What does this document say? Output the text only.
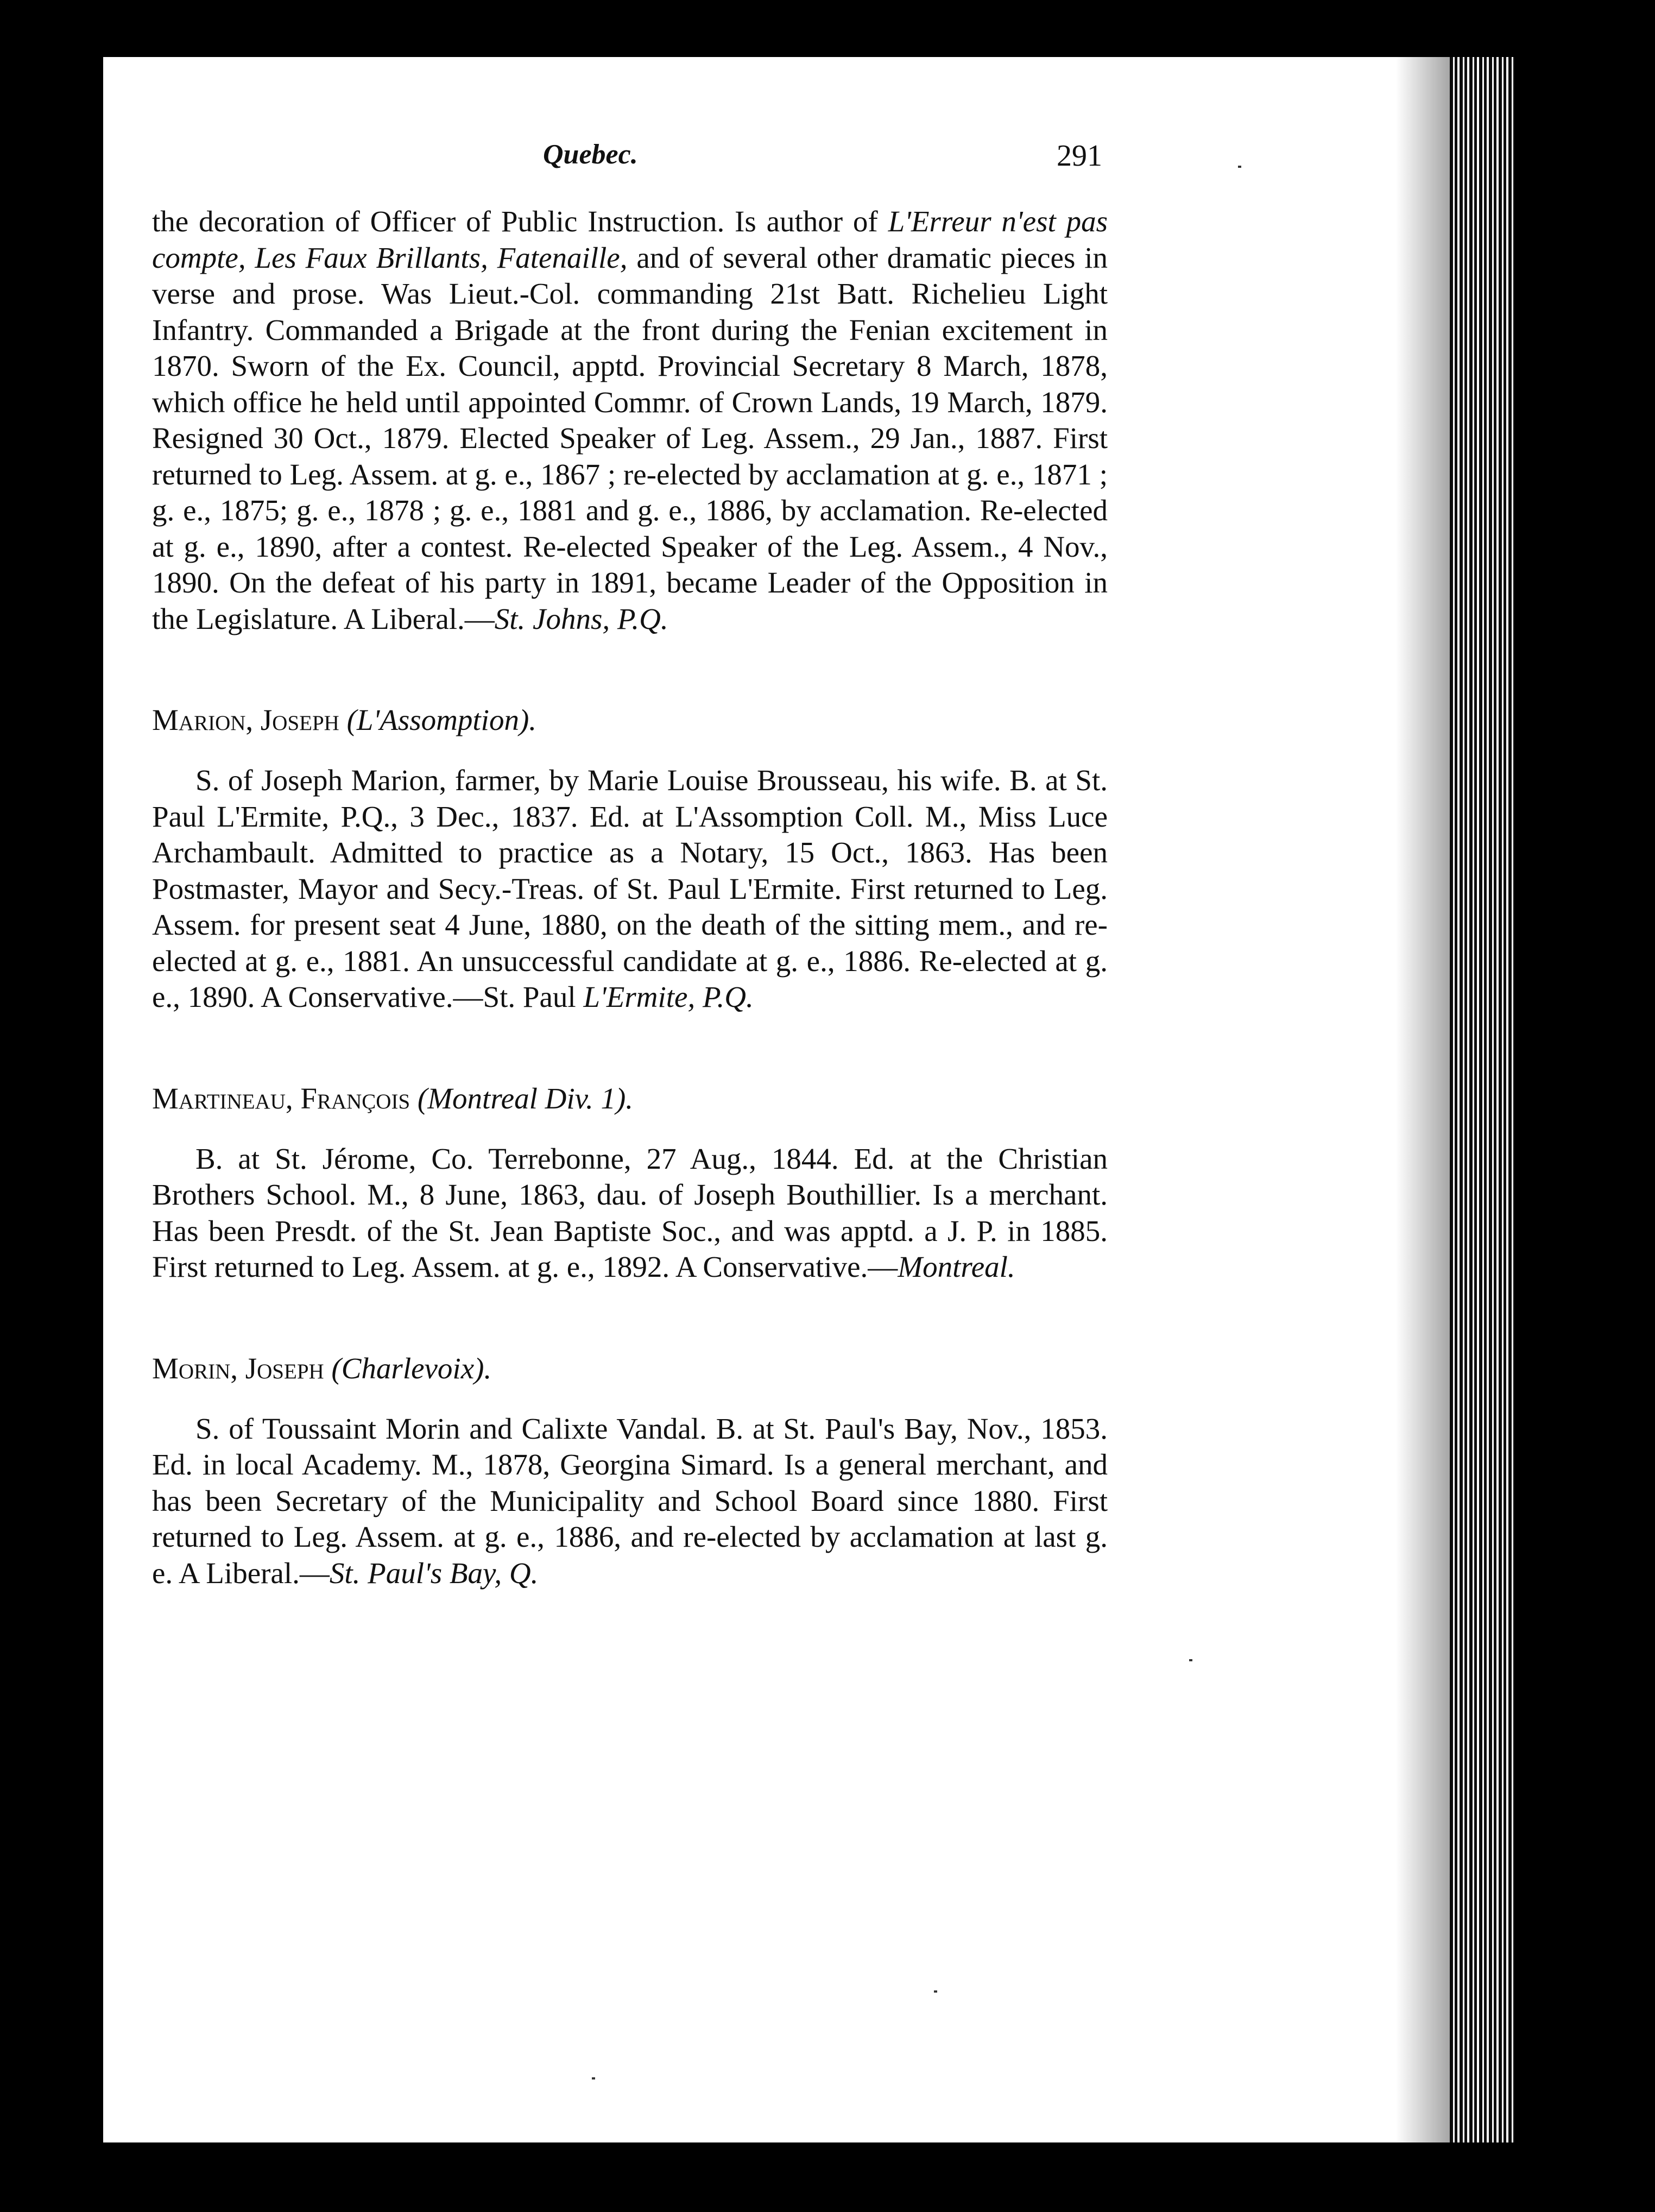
Quebec.	291

the decoration of Officer of Public Instruction. Is author of L'Erreur n'est pas compte, Les Faux Brillants, Fatenaille, and of several other dramatic pieces in verse and prose. Was Lieut.-Col. commanding 21st Batt. Richelieu Light Infantry. Commanded a Brigade at the front during the Fenian excitement in 1870. Sworn of the Ex. Council, apptd. Provincial Secretary 8 March, 1878, which office he held until appointed Commr. of Crown Lands, 19 March, 1879. Resigned 30 Oct., 1879. Elected Speaker of Leg. Assem., 29 Jan., 1887. First returned to Leg. Assem. at g. e., 1867 ; re-elected by acclamation at g. e., 1871 ; g. e., 1875; g. e., 1878 ; g. e., 1881 and g. e., 1886, by acclamation. Re-elected at g. e., 1890, after a contest. Re-elected Speaker of the Leg. Assem., 4 Nov., 1890. On the defeat of his party in 1891, became Leader of the Opposition in the Legislature. A Liberal.—St. Johns, P.Q.

Marion, Joseph (L'Assomption).

S. of Joseph Marion, farmer, by Marie Louise Brousseau, his wife. B. at St. Paul L'Ermite, P.Q., 3 Dec., 1837. Ed. at L'Assomption Coll. M., Miss Luce Archambault. Admitted to practice as a Notary, 15 Oct., 1863. Has been Postmaster, Mayor and Secy.-Treas. of St. Paul L'Ermite. First returned to Leg. Assem. for present seat 4 June, 1880, on the death of the sitting mem., and re-elected at g. e., 1881. An unsuccessful candidate at g. e., 1886. Re-elected at g. e., 1890. A Conservative.—St. Paul L'Ermite, P.Q.

Martineau, François (Montreal Div. 1).

B. at St. Jérome, Co. Terrebonne, 27 Aug., 1844. Ed. at the Christian Brothers School. M., 8 June, 1863, dau. of Joseph Bouthillier. Is a merchant. Has been Presdt. of the St. Jean Baptiste Soc., and was apptd. a J. P. in 1885. First returned to Leg. Assem. at g. e., 1892. A Conservative.—Montreal.

Morin, Joseph (Charlevoix).

S. of Toussaint Morin and Calixte Vandal. B. at St. Paul's Bay, Nov., 1853. Ed. in local Academy. M., 1878, Georgina Simard. Is a general merchant, and has been Secretary of the Municipality and School Board since 1880. First returned to Leg. Assem. at g. e., 1886, and re-elected by acclamation at last g. e. A Liberal.—St. Paul's Bay, Q.
